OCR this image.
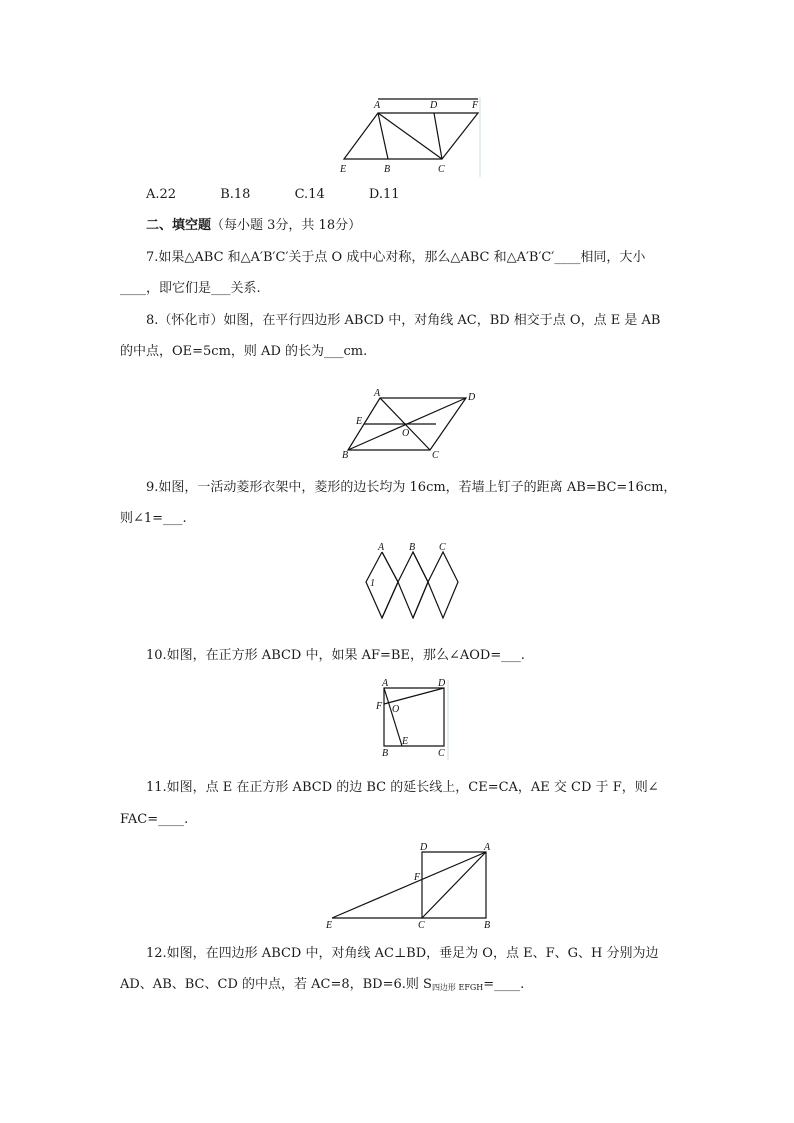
A	D	F
E	B	C
A.22	B.18	C.14	D.11
二、填空题（每小题 3分，共 18分）
7.如果△ABC 和△A′B′C′关于点 O 成中心对称，那么△ABC 和△A′B′C′____相同，大小
____，即它们是___关系.
8.（怀化市）如图，在平行四边形 ABCD 中，对角线 AC，BD 相交于点 O，点 E 是 AB
的中点，OE=5cm，则 AD 的长为___cm.
A	D
E
O
B	C
9.如图，一活动菱形衣架中，菱形的边长均为 16cm，若墙上钉子的距离 AB=BC=16cm，
则∠1=___.
A B C
1
10.如图，在正方形 ABCD 中，如果 AF=BE，那么∠AOD=___.
A	D
F O
B
E
C
11.如图，点 E 在正方形 ABCD 的边 BC 的延长线上，CE=CA，AE 交 CD 于 F，则∠
FAC=____.
D	A
F
E	C	B
12.如图，在四边形 ABCD 中，对角线 AC⊥BD，垂足为 O，点 E、F、G、H 分别为边
AD、AB、BC、CD 的中点，若 AC=8，BD=6.则 $S_{四边形 EFGH}=\_\_\_\_$.
